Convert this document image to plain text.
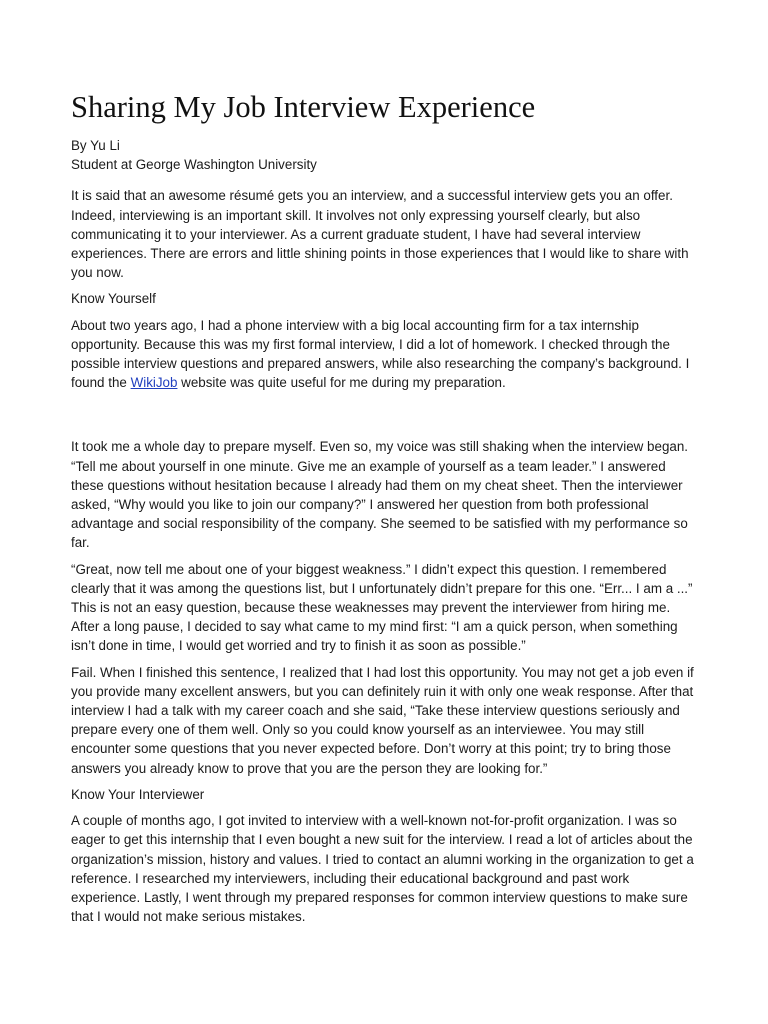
Sharing My Job Interview Experience
By Yu Li
Student at George Washington University

It is said that an awesome résumé gets you an interview, and a successful interview gets you an offer. Indeed, interviewing is an important skill. It involves not only expressing yourself clearly, but also communicating it to your interviewer. As a current graduate student, I have had several interview experiences. There are errors and little shining points in those experiences that I would like to share with you now.

Know Yourself

About two years ago, I had a phone interview with a big local accounting firm for a tax internship opportunity. Because this was my first formal interview, I did a lot of homework. I checked through the possible interview questions and prepared answers, while also researching the company’s background. I found the WikiJob website was quite useful for me during my preparation.

It took me a whole day to prepare myself. Even so, my voice was still shaking when the interview began. “Tell me about yourself in one minute. Give me an example of yourself as a team leader.” I answered these questions without hesitation because I already had them on my cheat sheet. Then the interviewer asked, “Why would you like to join our company?” I answered her question from both professional advantage and social responsibility of the company. She seemed to be satisfied with my performance so far.

“Great, now tell me about one of your biggest weakness.” I didn’t expect this question. I remembered clearly that it was among the questions list, but I unfortunately didn’t prepare for this one. “Err... I am a ...” This is not an easy question, because these weaknesses may prevent the interviewer from hiring me. After a long pause, I decided to say what came to my mind first: “I am a quick person, when something isn’t done in time, I would get worried and try to finish it as soon as possible.”

Fail. When I finished this sentence, I realized that I had lost this opportunity. You may not get a job even if you provide many excellent answers, but you can definitely ruin it with only one weak response. After that interview I had a talk with my career coach and she said, “Take these interview questions seriously and prepare every one of them well. Only so you could know yourself as an interviewee. You may still encounter some questions that you never expected before. Don’t worry at this point; try to bring those answers you already know to prove that you are the person they are looking for.”

Know Your Interviewer

A couple of months ago, I got invited to interview with a well-known not-for-profit organization. I was so eager to get this internship that I even bought a new suit for the interview. I read a lot of articles about the organization’s mission, history and values. I tried to contact an alumni working in the organization to get a reference. I researched my interviewers, including their educational background and past work experience. Lastly, I went through my prepared responses for common interview questions to make sure that I would not make serious mistakes.
